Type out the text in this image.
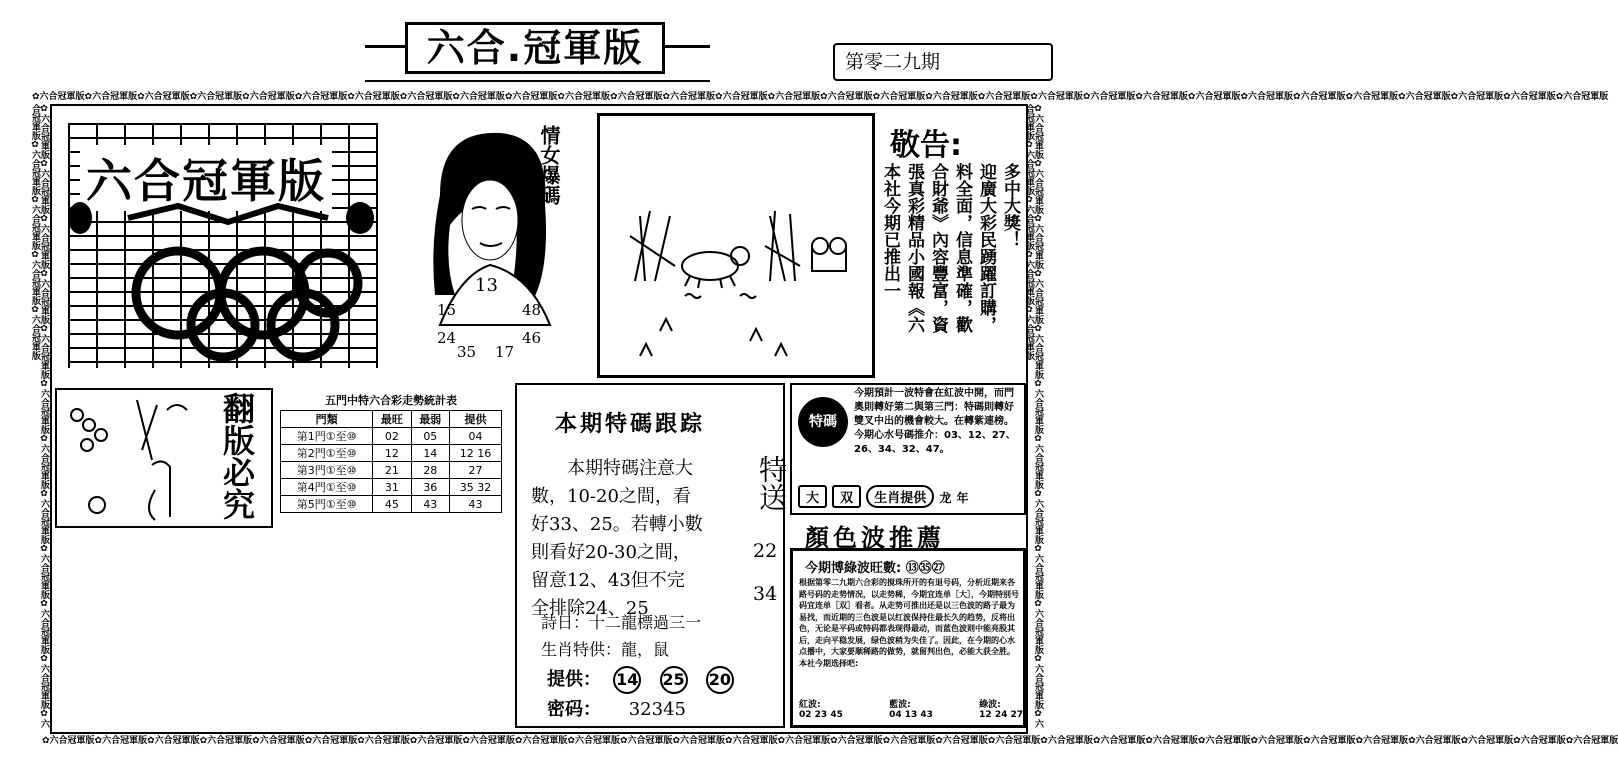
六合.冠軍版	第零二九期
✿六合冠軍版✿六合冠軍版✿六合冠軍版✿六合冠軍版✿六合冠軍版✿六合冠軍版✿六合冠軍版✿六合冠軍版✿六合冠軍版✿六合冠軍版✿六合冠軍版✿六合冠軍版✿六合冠軍版✿六合冠軍版✿六合冠軍版✿六合冠軍版✿六合冠軍版✿六合冠軍版✿六合冠軍版✿六合冠軍版✿六合冠軍版✿六合冠軍版✿六合冠軍版✿六合冠軍版✿六合冠軍版✿六合冠軍版✿六合冠軍版✿六合冠軍版✿六合冠軍版✿六合冠軍版
✿六合冠軍版✿六合冠軍版✿六合冠軍版✿六合冠軍版✿六合冠軍版✿六合冠軍版✿六合冠軍版✿六合冠軍版✿六合冠軍版✿六合冠軍版✿六合冠軍版✿六合冠軍版✿六合冠軍版✿六合冠軍版✿六合冠軍版✿六合冠軍版✿六合冠軍版✿六合冠軍版✿六合冠軍版✿六合冠軍版✿六合冠軍版✿六合冠軍版✿六合冠軍版✿六合冠軍版✿六合冠軍版✿六合冠軍版✿六合冠軍版✿六合冠軍版✿六合冠軍版✿六合冠軍版
✿六合冠軍版✿六合冠軍版✿六合冠軍版✿六合冠軍版✿六合冠軍版✿六合冠軍版✿六合冠軍版✿六合冠軍版✿六合冠軍版✿六合冠軍版✿六合冠軍版✿六合冠軍版✿六合冠軍版✿六合冠軍版✿六合冠軍版✿六合冠軍版	✿六合冠軍版✿六合冠軍版✿六合冠軍版✿六合冠軍版✿六合冠軍版✿六合冠軍版✿六合冠軍版✿六合冠軍版✿六合冠軍版✿六合冠軍版✿六合冠軍版✿六合冠軍版✿六合冠軍版✿六合冠軍版✿六合冠軍版✿六合冠軍版
六合冠軍版	情女爆碼
13
15	48
24	46
35 17
敬告:
本社今期已推出一 張真彩精品小國報《六 合財爺》內容豐富，資 料全面，信息準確，歡 迎廣大彩民踴躍訂購， 多中大獎！
翻版必究	五門中特六合彩走勢統計表
門類	最旺	最弱	提供
第1門①至⑩	02	05	04
第2門①至⑩	12	14	12 16
第3門①至⑩	21	28	27
第4門①至⑩	31	36	35 32
第5門①至⑩	45	43	43
本期特碼跟踪

本期特碼注意大

數，10-20之間，看

好33、25。若轉小數

則看好20-30之間，

留意12、43但不完

全排除24、25

特送
22
34
詩日：十二龍標過三一
生肖特供：龍，鼠
提供： 14 25 20
密码： 32345
特碼
今期預計一波特會在紅波中開，而門奧則轉好第二與第三門：特碼則轉好雙叉中出的機會較大。在轉紫連榜。今期心水号碼推介：03、12、27、26、34、32、47。
大 双 生肖提供 龙 年
顏色波推薦
今期博綠波旺數: ⑬㉟㉗
根据第零二九期六合彩的搅珠所开的有退号码，分析近期来各路号码的走势情况，以走势稀，今期宜连单［大］，今期特别号码宜连单［双］看者。从走势可推出还是以三色波的路子最为易找，而近期的三色波是以红波保持住最长久的趋势，反将出色，无论是平码或特码都表现得最动，而蓝色波则中能亮股其后，走向平稳发展，绿色波稍为失佳了。因此，在今期的心水点播中，大家要顺稀路的做势，就留判出色，必能大获全胜。本社今期选择吧:
紅波:
02 23 45
藍波:
04 13 43
綠波:
12 24 27
